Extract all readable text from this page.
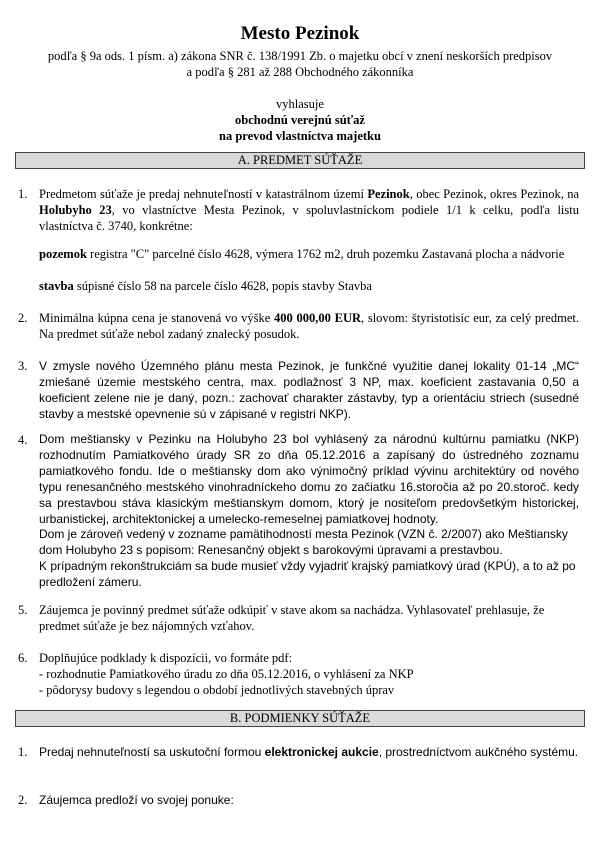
Mesto Pezinok
podľa § 9a ods. 1 písm. a) zákona SNR č. 138/1991 Zb. o majetku obcí v znení neskorších predpisov
a podľa § 281 až 288 Obchodného zákonníka
vyhlasuje
obchodnú verejnú súťaž
na prevod vlastníctva majetku
A. PREDMET SÚŤAŽE
1. Predmetom súťaže je predaj nehnuteľností v katastrálnom území Pezinok, obec Pezinok, okres Pezinok, na Holubyho 23, vo vlastníctve Mesta Pezinok, v spoluvlastníckom podiele 1/1 k celku, podľa listu vlastníctva č. 3740, konkrétne:
pozemok registra "C" parcelné číslo 4628, výmera 1762 m2, druh pozemku Zastavaná plocha a nádvorie
stavba súpisné číslo 58 na parcele číslo 4628, popis stavby Stavba
2. Minimálna kúpna cena je stanovená vo výške 400 000,00 EUR, slovom: štyristotisíc eur, za celý predmet. Na predmet súťaže nebol zadaný znalecký posudok.
3. V zmysle nového Územného plánu mesta Pezinok, je funkčné využitie danej lokality 01-14 „MC“ zmiešané územie mestského centra, max. podlažnosť 3 NP, max. koeficient zastavania 0,50 a koeficient zelene nie je daný, pozn.: zachovať charakter zástavby, typ a orientáciu striech (susedné stavby a mestské opevnenie sú v zápisané v registri NKP).
4. Dom meštiansky v Pezinku na Holubyho 23 bol vyhlásený za národnú kultúrnu pamiatku (NKP) rozhodnutím Pamiatkového úrady SR zo dňa 05.12.2016 a zapísaný do ústredného zoznamu pamiatkového fondu. Ide o meštiansky dom ako výnimočný príklad vývinu architektúry od nového typu renesančného mestského vinohradníckeho domu zo začiatku 16.storočia až po 20.storoč. kedy sa prestavbou stáva klasickým meštianskym domom, ktorý je nositeľom predovšetkým historickej, urbanistickej, architektonickej a umelecko-remeselnej pamiatkovej hodnoty.

Dom je zároveň vedený v zozname pamätihodností mesta Pezinok (VZN č. 2/2007) ako Meštiansky dom Holubyho 23 s popisom: Renesančný objekt s barokovými úpravami a prestavbou.

K prípadným rekonštrukciám sa bude musieť vždy vyjadriť krajský pamiatkový úrad (KPÚ), a to až po predložení zámeru.

5. Záujemca je povinný predmet súťaže odkúpiť v stave akom sa nachádza. Vyhlasovateľ prehlasuje, že predmet súťaže je bez nájomných vzťahov.
6. Doplňujúce podklady k dispozícii, vo formáte pdf:

- rozhodnutie Pamiatkového úradu zo dňa 05.12.2016, o vyhlásení za NKP

- pôdorysy budovy s legendou o období jednotlivých stavebných úprav

B. PODMIENKY SÚŤAŽE
1. Predaj nehnuteľností sa uskutoční formou elektronickej aukcie, prostredníctvom aukčného systému.
2. Záujemca predloží vo svojej ponuke:
